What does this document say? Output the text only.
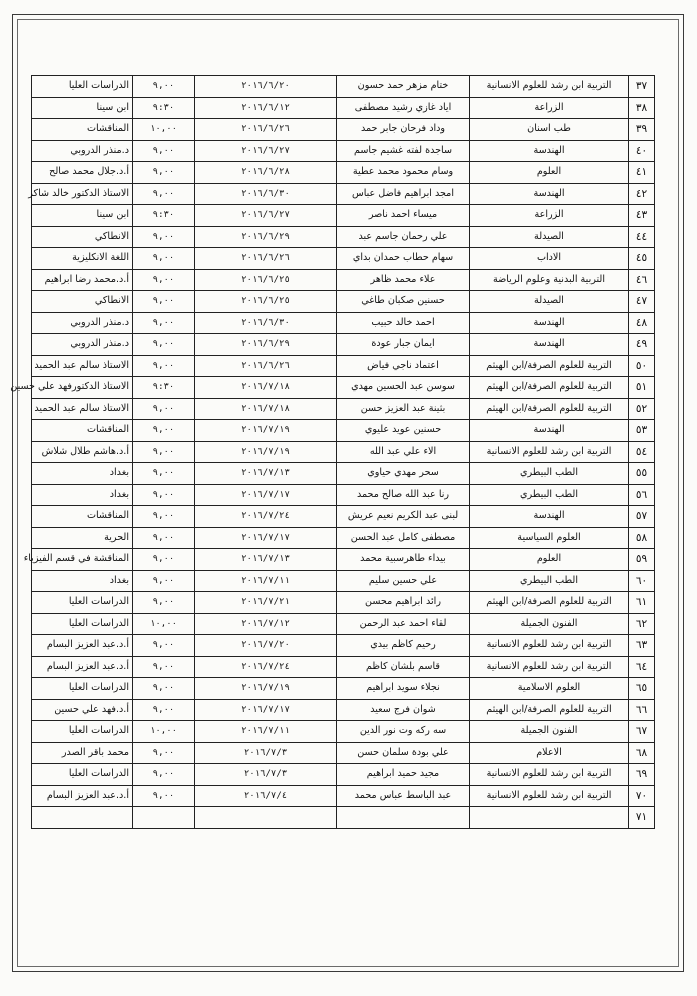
٣٧	التربية ابن رشد للعلوم الانسانية	ختام مزهر حمد حسون	٢٠١٦/٦/٢٠	٩,٠٠	الدراسات العليا
٣٨	الزراعة	اياد غازي رشيد مصطفى	٢٠١٦/٦/١٢	٩:٣٠	ابن سينا
٣٩	طب اسنان	وداد فرحان جابر حمد	٢٠١٦/٦/٢٦	١٠,٠٠	المناقشات
٤٠	الهندسة	ساجدة لفته غشيم جاسم	٢٠١٦/٦/٢٧	٩,٠٠	د.منذر الدروبي
٤١	العلوم	وسام محمود محمد عطية	٢٠١٦/٦/٢٨	٩,٠٠	أ.د.جلال محمد صالح
٤٢	الهندسة	امجد ابراهيم فاضل عباس	٢٠١٦/٦/٣٠	٩,٠٠	الاستاذ الدكتور خالد شاكر
٤٣	الزراعة	ميساء احمد ناصر	٢٠١٦/٦/٢٧	٩:٣٠	ابن سينا
٤٤	الصيدلة	علي رحمان جاسم عبد	٢٠١٦/٦/٢٩	٩,٠٠	الانطاكي
٤٥	الاداب	سهام حطاب حمدان بداي	٢٠١٦/٦/٢٦	٩,٠٠	اللغة الانكليزية
٤٦	التربية البدنية وعلوم الرياضة	علاء محمد ظاهر	٢٠١٦/٦/٢٥	٩,٠٠	أ.د.محمد رضا ابراهيم
٤٧	الصيدلة	حسنين صكبان طاغي	٢٠١٦/٦/٢٥	٩,٠٠	الانطاكي
٤٨	الهندسة	احمد خالد حبيب	٢٠١٦/٦/٣٠	٩,٠٠	د.منذر الدروبي
٤٩	الهندسة	ايمان جبار عودة	٢٠١٦/٦/٢٩	٩,٠٠	د.منذر الدروبي
٥٠	التربية للعلوم الصرفة/ابن الهيثم	اعتماد ناجي فياض	٢٠١٦/٦/٢٦	٩,٠٠	الاستاذ سالم عبد الحميد
٥١	التربية للعلوم الصرفة/ابن الهيثم	سوسن عبد الحسين مهدي	٢٠١٦/٧/١٨	٩:٣٠	الاستاذ الدكتورفهد علي حسين
٥٢	التربية للعلوم الصرفة/ابن الهيثم	بثينة عبد العزيز حسن	٢٠١٦/٧/١٨	٩,٠٠	الاستاذ سالم عبد الحميد
٥٣	الهندسة	حسنين عويد عليوي	٢٠١٦/٧/١٩	٩,٠٠	المناقشات
٥٤	التربية ابن رشد للعلوم الانسانية	الاء علي عبد الله	٢٠١٦/٧/١٩	٩,٠٠	أ.د.هاشم طلال شلاش
٥٥	الطب البيطري	سحر مهدي حياوي	٢٠١٦/٧/١٣	٩,٠٠	بغداد
٥٦	الطب البيطري	رنا عبد الله صالح محمد	٢٠١٦/٧/١٧	٩,٠٠	بغداد
٥٧	الهندسة	لبنى عبد الكريم نعيم عريش	٢٠١٦/٧/٢٤	٩,٠٠	المناقشات
٥٨	العلوم السياسية	مصطفى كامل عبد الحسن	٢٠١٦/٧/١٧	٩,٠٠	الحرية
٥٩	العلوم	بيداء طاهرسبية محمد	٢٠١٦/٧/١٣	٩,٠٠	المناقشة في قسم الفيزياء
٦٠	الطب البيطري	علي حسين سليم	٢٠١٦/٧/١١	٩,٠٠	بغداد
٦١	التربية للعلوم الصرفة/ابن الهيثم	رائد ابراهيم محسن	٢٠١٦/٧/٢١	٩,٠٠	الدراسات العليا
٦٢	الفنون الجميلة	لقاء احمد عبد الرحمن	٢٠١٦/٧/١٢	١٠,٠٠	الدراسات العليا
٦٣	التربية ابن رشد للعلوم الانسانية	رحيم كاظم بيدي	٢٠١٦/٧/٢٠	٩,٠٠	أ.د.عبد العزيز البسام
٦٤	التربية ابن رشد للعلوم الانسانية	قاسم بلشان كاظم	٢٠١٦/٧/٢٤	٩,٠٠	أ.د.عبد العزيز البسام
٦٥	العلوم الاسلامية	نجلاء سويد ابراهيم	٢٠١٦/٧/١٩	٩,٠٠	الدراسات العليا
٦٦	التربية للعلوم الصرفة/ابن الهيثم	شوان فرج سعيد	٢٠١٦/٧/١٧	٩,٠٠	أ.د.فهد علي حسين
٦٧	الفنون الجميلة	سه ركه وت نور الدين	٢٠١٦/٧/١١	١٠,٠٠	الدراسات العليا
٦٨	الاعلام	علي بودة سلمان حسن	٢٠١٦/٧/٣	٩,٠٠	محمد باقر الصدر
٦٩	التربية ابن رشد للعلوم الانسانية	مجيد حميد ابراهيم	٢٠١٦/٧/٣	٩,٠٠	الدراسات العليا
٧٠	التربية ابن رشد للعلوم الانسانية	عبد الباسط عباس محمد	٢٠١٦/٧/٤	٩,٠٠	أ.د.عبد العزيز البسام
٧١					
